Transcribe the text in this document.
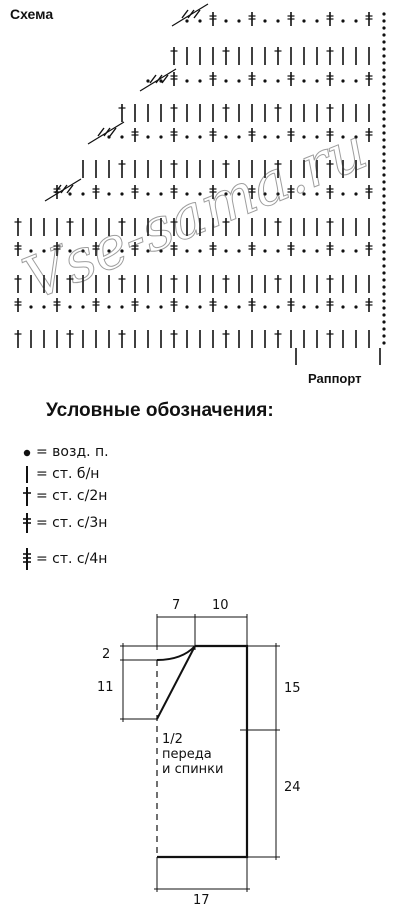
Схема
Vse-sama.ru
Раппорт
Условные обозначения:
= возд. п.
= ст. б/н
= ст. с/2н
= ст. с/3н
= ст. с/4н
7 10
2
11	15
24
17
1/2
переда
и спинки
